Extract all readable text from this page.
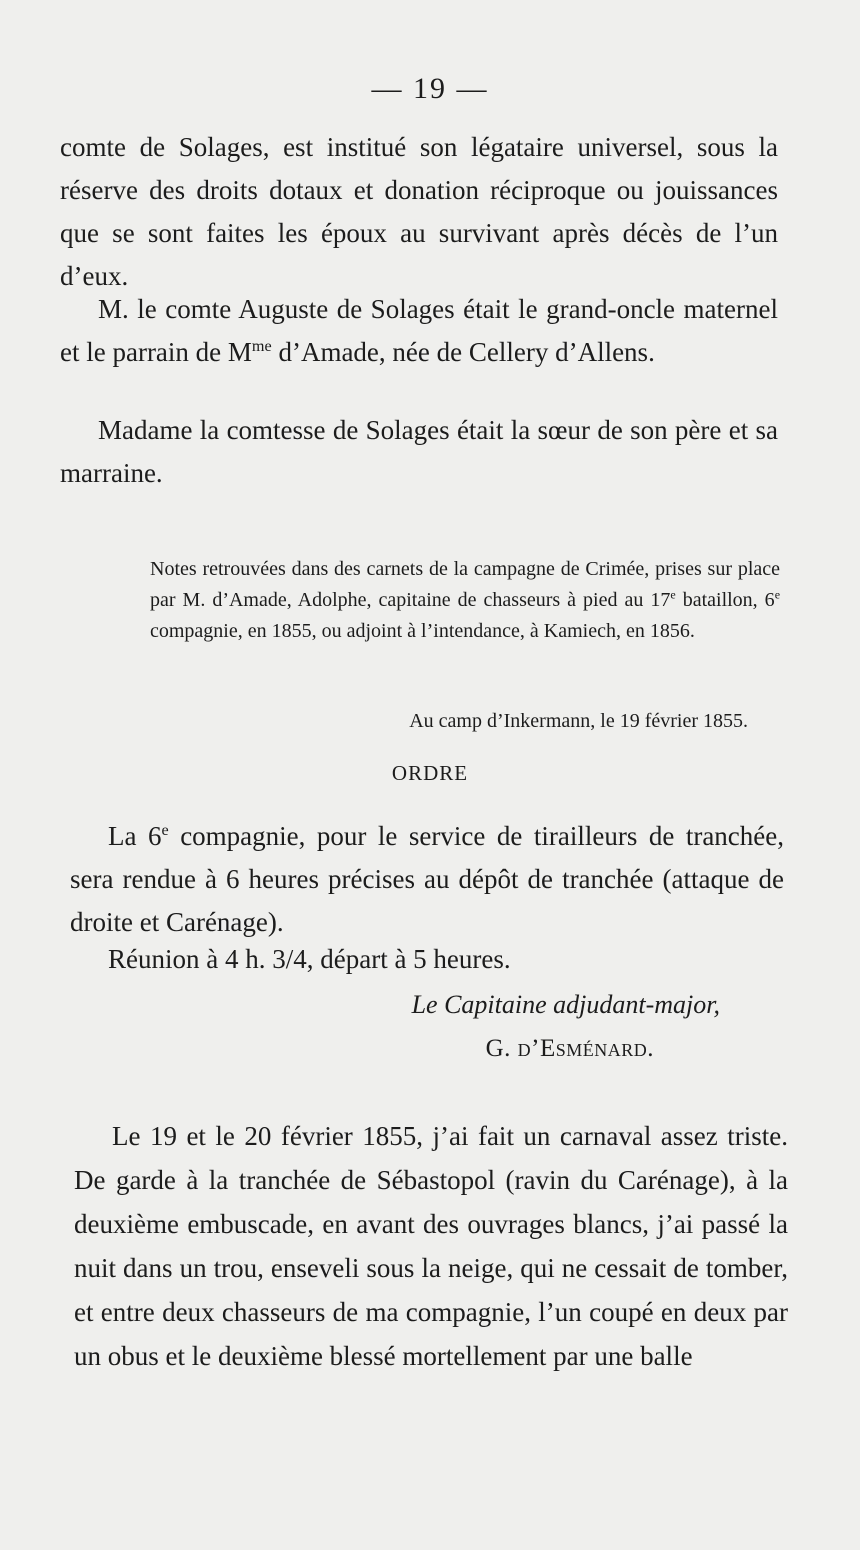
— 19 —

comte de Solages, est institué son légataire universel, sous la réserve des droits dotaux et donation réciproque ou jouissances que se sont faites les époux au survivant après décès de l’un d’eux.

M. le comte Auguste de Solages était le grand-oncle maternel et le parrain de $M^{me}$ d’Amade, née de Cellery d’Allens.

Madame la comtesse de Solages était la sœur de son père et sa marraine.

Notes retrouvées dans des carnets de la campagne de Crimée, prises sur place par M. d’Amade, Adolphe, capitaine de chasseurs à pied au 17e bataillon, 6e compagnie, en 1855, ou adjoint à l’intendance, à Kamiech, en 1856.

Au camp d’Inkermann, le 19 février 1855.
ORDRE

La 6e compagnie, pour le service de tirailleurs de tranchée, sera rendue à 6 heures précises au dépôt de tranchée (attaque de droite et Carénage).

Réunion à 4 h. 3/4, départ à 5 heures.

Le Capitaine adjudant-major,
G. d’Esménard.

Le 19 et le 20 février 1855, j’ai fait un carnaval assez triste. De garde à la tranchée de Sébastopol (ravin du Carénage), à la deuxième embuscade, en avant des ouvrages blancs, j’ai passé la nuit dans un trou, enseveli sous la neige, qui ne cessait de tomber, et entre deux chasseurs de ma compagnie, l’un coupé en deux par un obus et le deuxième blessé mortellement par une balle
